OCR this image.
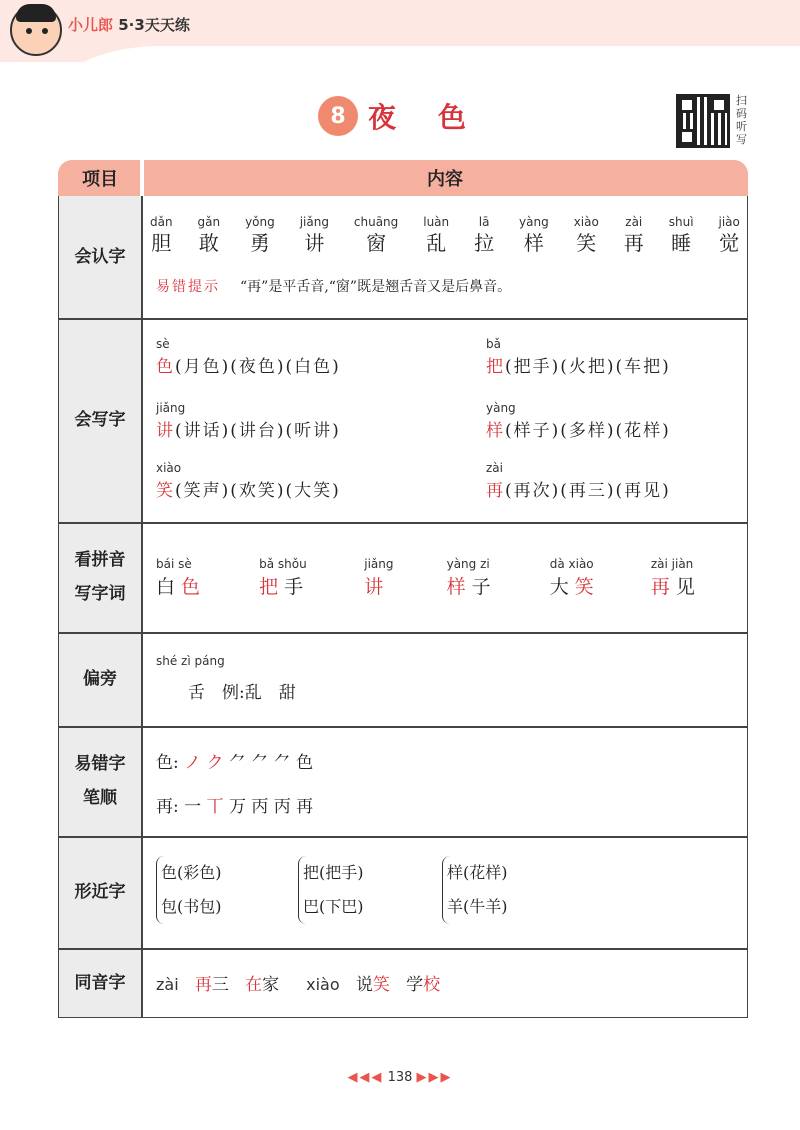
小儿郎 5·3天天练
8 夜色
扫码听写
项目	内容
会认字
dǎn
胆
gǎn
敢
yǒng
勇
jiǎng
讲
chuāng
窗
luàn
乱
lā
拉
yàng
样
xiào
笑
zài
再
shuì
睡
jiào
觉
易错提示 “再”是平舌音,“窗”既是翘舌音又是后鼻音。
会写字
sè
色(月色)(夜色)(白色)
bǎ
把(把手)(火把)(车把)
jiǎng
讲(讲话)(讲台)(听讲)
yàng
样(样子)(多样)(花样)
xiào
笑(笑声)(欢笑)(大笑)
zài
再(再次)(再三)(再见)
看拼音
写字词
bái sè
白色
bǎ shǒu
把手
jiǎng
讲
yàng zi
样子
dà xiào
大笑
zài jiàn
再见
偏旁
shé zì páng
舌　 例:乱　甜
易错字
笔顺
色: ノ ク ⺈ ⺈ ⺈ 色
再: 一 丅 万 丙 丙 再
形近字
色(彩色)
包(书包)
把(把手)
巴(下巴)
样(花样)
羊(牛羊)
同音字 zài 再三 在家 xiào 说笑 学校
◀◀◀ 138 ▶▶▶
